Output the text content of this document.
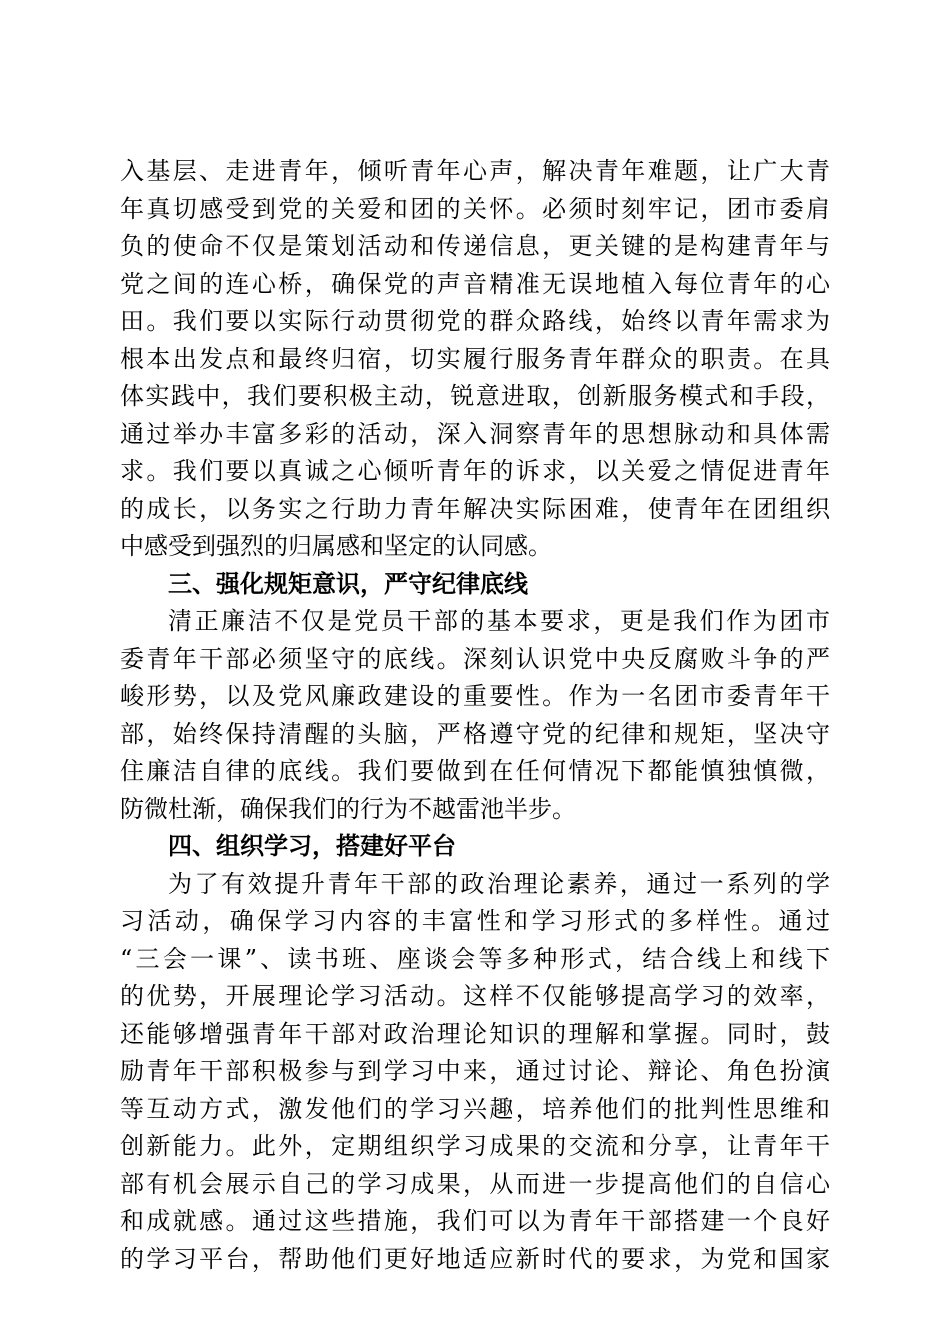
入基层、走进青年，倾听青年心声，解决青年难题，让广大青
年真切感受到党的关爱和团的关怀。必须时刻牢记，团市委肩
负的使命不仅是策划活动和传递信息，更关键的是构建青年与
党之间的连心桥，确保党的声音精准无误地植入每位青年的心
田。我们要以实际行动贯彻党的群众路线，始终以青年需求为
根本出发点和最终归宿，切实履行服务青年群众的职责。在具
体实践中，我们要积极主动，锐意进取，创新服务模式和手段，
通过举办丰富多彩的活动，深入洞察青年的思想脉动和具体需
求。我们要以真诚之心倾听青年的诉求，以关爱之情促进青年
的成长，以务实之行助力青年解决实际困难，使青年在团组织
中感受到强烈的归属感和坚定的认同感。
三、强化规矩意识，严守纪律底线
清正廉洁不仅是党员干部的基本要求，更是我们作为团市
委青年干部必须坚守的底线。深刻认识党中央反腐败斗争的严
峻形势，以及党风廉政建设的重要性。作为一名团市委青年干
部，始终保持清醒的头脑，严格遵守党的纪律和规矩，坚决守
住廉洁自律的底线。我们要做到在任何情况下都能慎独慎微，
防微杜渐，确保我们的行为不越雷池半步。
四、组织学习，搭建好平台
为了有效提升青年干部的政治理论素养，通过一系列的学
习活动，确保学习内容的丰富性和学习形式的多样性。通过
“三会一课”、读书班、座谈会等多种形式，结合线上和线下
的优势，开展理论学习活动。这样不仅能够提高学习的效率，
还能够增强青年干部对政治理论知识的理解和掌握。同时，鼓
励青年干部积极参与到学习中来，通过讨论、辩论、角色扮演
等互动方式，激发他们的学习兴趣，培养他们的批判性思维和
创新能力。此外，定期组织学习成果的交流和分享，让青年干
部有机会展示自己的学习成果，从而进一步提高他们的自信心
和成就感。通过这些措施，我们可以为青年干部搭建一个良好
的学习平台，帮助他们更好地适应新时代的要求，为党和国家
